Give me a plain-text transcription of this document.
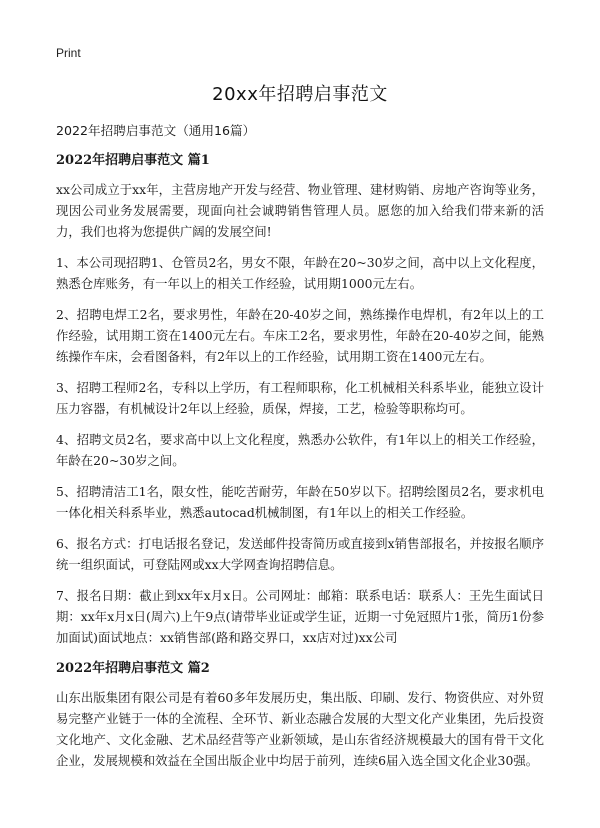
Print
20xx年招聘启事范文
2022年招聘启事范文（通用16篇）
2022年招聘启事范文 篇1

xx公司成立于xx年，主营房地产开发与经营、物业管理、建材购销、房地产咨询等业务，现因公司业务发展需要，现面向社会诚聘销售管理人员。愿您的加入给我们带来新的活力，我们也将为您提供广阔的发展空间!

1、本公司现招聘1、仓管员2名，男女不限，年龄在20~30岁之间，高中以上文化程度，熟悉仓库账务，有一年以上的相关工作经验，试用期1000元左右。

2、招聘电焊工2名，要求男性，年龄在20-40岁之间，熟练操作电焊机，有2年以上的工作经验，试用期工资在1400元左右。车床工2名，要求男性，年龄在20-40岁之间，能熟练操作车床，会看图备料，有2年以上的工作经验，试用期工资在1400元左右。

3、招聘工程师2名，专科以上学历，有工程师职称，化工机械相关科系毕业，能独立设计压力容器，有机械设计2年以上经验，质保，焊接，工艺，检验等职称均可。

4、招聘文员2名，要求高中以上文化程度，熟悉办公软件，有1年以上的相关工作经验，年龄在20~30岁之间。

5、招聘清洁工1名，限女性，能吃苦耐劳，年龄在50岁以下。招聘绘图员2名，要求机电一体化相关科系毕业，熟悉autocad机械制图，有1年以上的相关工作经验。

6、报名方式：打电话报名登记，发送邮件投寄简历或直接到x销售部报名，并按报名顺序统一组织面试，可登陆网或xx大学网查询招聘信息。

7、报名日期：截止到xx年x月x日。公司网址：邮箱：联系电话：联系人：王先生面试日期：xx年x月x日(周六)上午9点(请带毕业证或学生证，近期一寸免冠照片1张，简历1份参加面试)面试地点：xx销售部(路和路交界口，xx店对过)xx公司

2022年招聘启事范文 篇2

山东出版集团有限公司是有着60多年发展历史，集出版、印刷、发行、物资供应、对外贸易完整产业链于一体的全流程、全环节、新业态融合发展的大型文化产业集团，先后投资文化地产、文化金融、艺术品经营等产业新领域，是山东省经济规模最大的国有骨干文化企业，发展规模和效益在全国出版企业中均居于前列，连续6届入选全国文化企业30强。
